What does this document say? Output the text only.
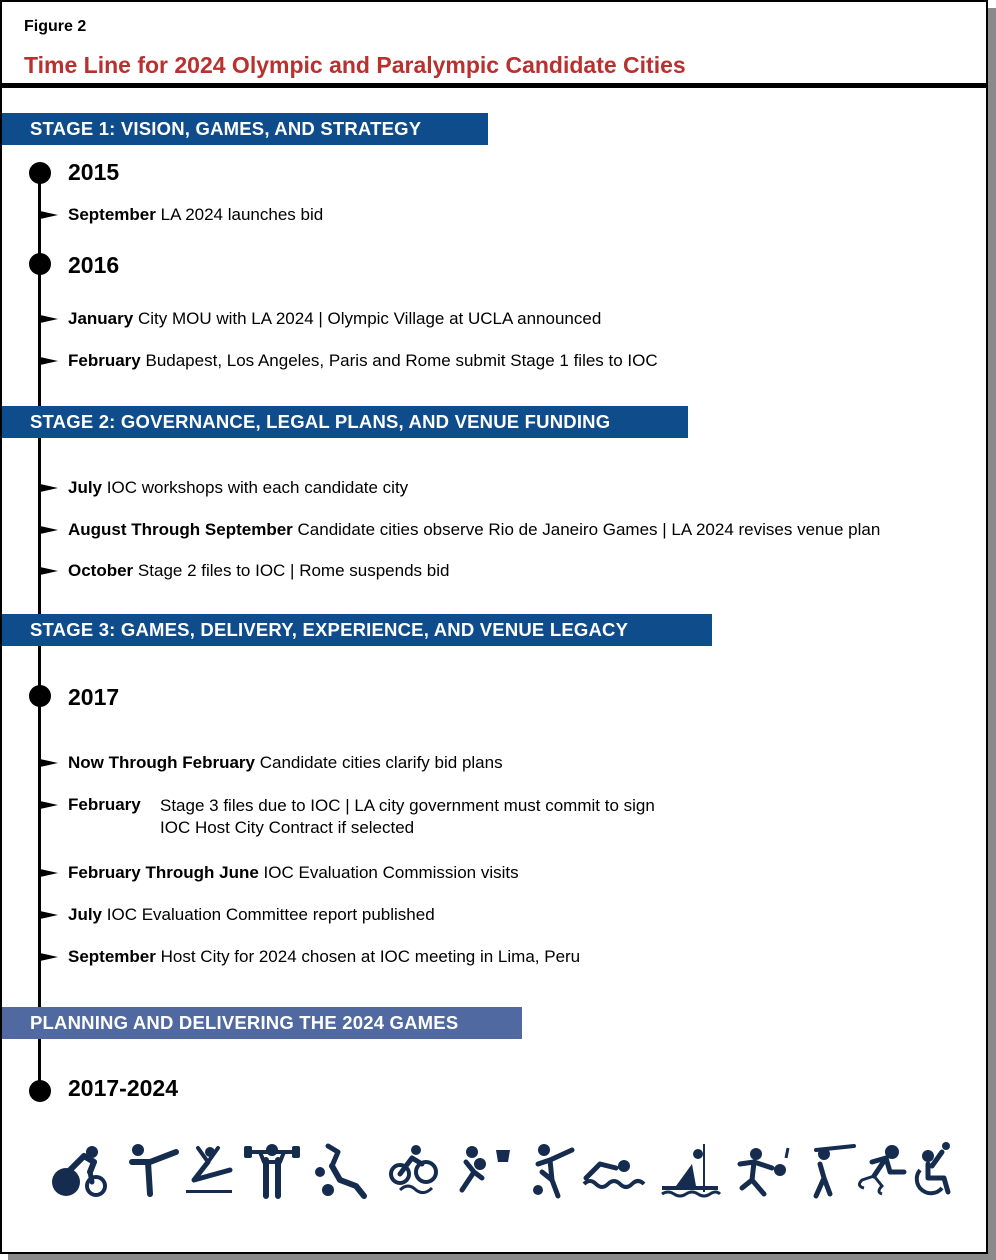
Figure 2
Time Line for 2024 Olympic and Paralympic Candidate Cities
STAGE 1: VISION, GAMES, AND STRATEGY
2015
September LA 2024 launches bid
2016
January City MOU with LA 2024 | Olympic Village at UCLA announced
February Budapest, Los Angeles, Paris and Rome submit Stage 1 files to IOC
STAGE 2: GOVERNANCE, LEGAL PLANS, AND VENUE FUNDING
July IOC workshops with each candidate city
August Through September Candidate cities observe Rio de Janeiro Games | LA 2024 revises venue plan
October Stage 2 files to IOC | Rome suspends bid
STAGE 3: GAMES, DELIVERY, EXPERIENCE, AND VENUE LEGACY
2017
Now Through February Candidate cities clarify bid plans
February Stage 3 files due to IOC | LA city government must commit to sign
IOC Host City Contract if selected
February Through June IOC Evaluation Commission visits
July IOC Evaluation Committee report published
September Host City for 2024 chosen at IOC meeting in Lima, Peru
PLANNING AND DELIVERING THE 2024 GAMES
2017-2024
